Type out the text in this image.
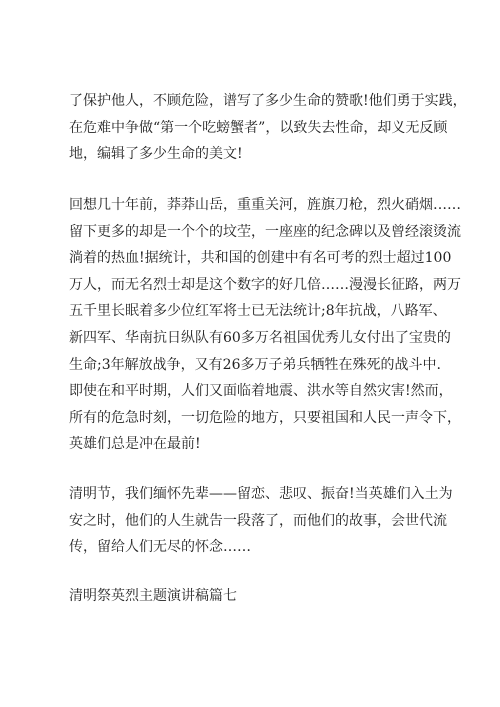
了保护他人，不顾危险，谱写了多少生命的赞歌!他们勇于实践，
在危难中争做“第一个吃螃蟹者”，以致失去性命，却义无反顾
地，编辑了多少生命的美文!
回想几十年前，莽莽山岳，重重关河，旌旗刀枪，烈火硝烟……
留下更多的却是一个个的坟茔，一座座的纪念碑以及曾经滚烫流
淌着的热血!据统计，共和国的创建中有名可考的烈士超过100
万人，而无名烈士却是这个数字的好几倍……漫漫长征路，两万
五千里长眠着多少位红军将士已无法统计;8年抗战，八路军、
新四军、华南抗日纵队有60多万名祖国优秀儿女付出了宝贵的
生命;3年解放战争，又有26多万子弟兵牺牲在殊死的战斗中.
即使在和平时期，人们又面临着地震、洪水等自然灾害!然而，
所有的危急时刻，一切危险的地方，只要祖国和人民一声令下，
英雄们总是冲在最前!
清明节，我们缅怀先辈——留恋、悲叹、振奋!当英雄们入土为
安之时，他们的人生就告一段落了，而他们的故事，会世代流
传，留给人们无尽的怀念……
清明祭英烈主题演讲稿篇七
